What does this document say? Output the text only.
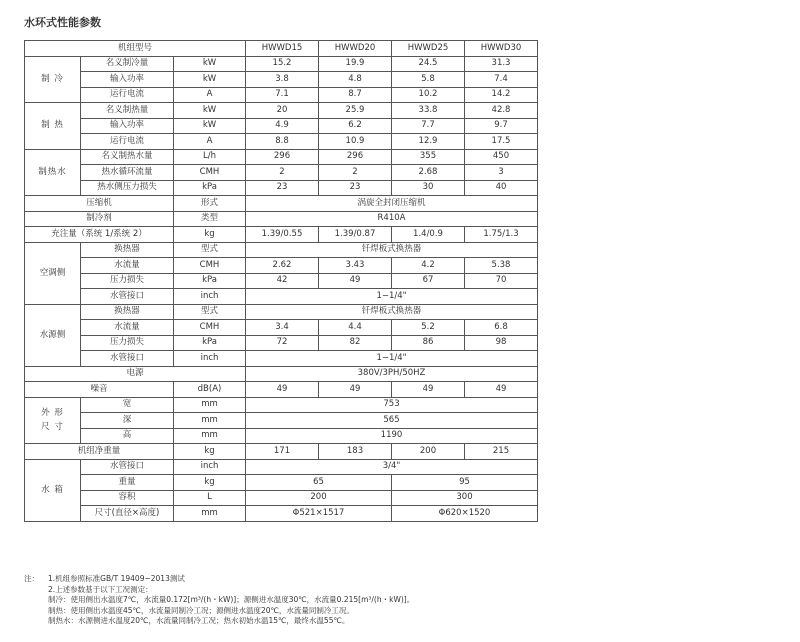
水环式性能参数
机组型号			HWWD15	HWWD20	HWWD25	HWWD30
制 冷	名义制冷量	kW	15.2	19.9	24.5	31.3
	输入功率	kW	3.8	4.8	5.8	7.4
	运行电流	A	7.1	8.7	10.2	14.2
制 热	名义制热量	kW	20	25.9	33.8	42.8
	输入功率	kW	4.9	6.2	7.7	9.7
	运行电流	A	8.8	10.9	12.9	17.5
制热水	名义制热水量	L/h	296	296	355	450
	热水循环流量	CMH	2	2	2.68	3
	热水侧压力损失	kPa	23	23	30	40
压缩机		形式	涡旋全封闭压缩机			
制冷剂		类型	R410A			
充注量（系统 1/系统 2）		kg	1.39/0.55	1.39/0.87	1.4/0.9	1.75/1.3
空调侧	换热器	型式	钎焊板式换热器			
	水流量	CMH	2.62	3.43	4.2	5.38
	压力损失	kPa	42	49	67	70
	水管接口	inch	1−1/4"			
水源侧	换热器	型式	钎焊板式换热器			
	水流量	CMH	3.4	4.4	5.2	6.8
	压力损失	kPa	72	82	86	98
	水管接口	inch	1−1/4"			
电源			380V/3PH/50HZ			
噪音		dB(A)	49	49	49	49
外 形
尺 寸	宽	mm	753			
	深	mm	565			
	高	mm	1190			
机组净重量		kg	171	183	200	215
水 箱	水管接口	inch	3/4"			
	重量	kg	65		95	
	容积	L	200		300	
	尺寸(直径×高度)	mm	Φ521×1517		Φ620×1520	
注： 1.机组参照标准GB/T 19409−2013测试
2.上述参数基于以下工况测定：
制冷：使用侧出水温度7℃，水流量0.172[m³/(h・kW)]；源侧进水温度30℃，水流量0.215[m³/(h・kW)]。
制热：使用侧出水温度45℃，水流量同制冷工况；源侧进水温度20℃，水流量同制冷工况。
制热水：水源侧进水温度20℃，水流量同制冷工况；热水初始水温15℃，最终水温55℃。
